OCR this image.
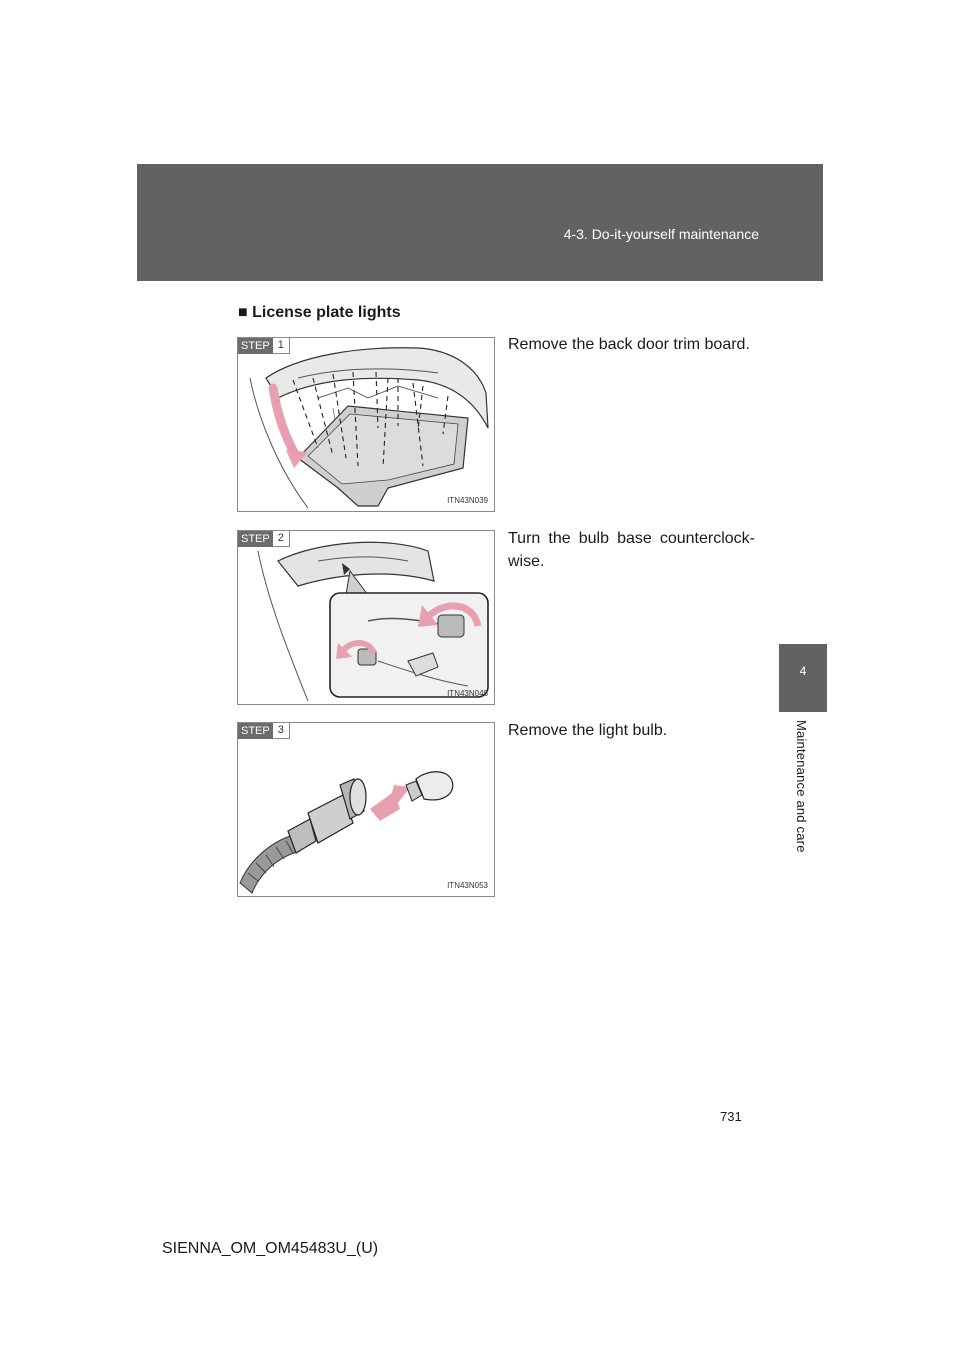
4-3. Do-it-yourself maintenance
4
Maintenance and care
■ License plate lights
STEP 1
ITN43N039
Remove the back door trim board.
STEP 2
ITN43N048
Turn the bulb base counterclock-wise.
STEP 3
ITN43N053
Remove the light bulb.
731
SIENNA_OM_OM45483U_(U)
